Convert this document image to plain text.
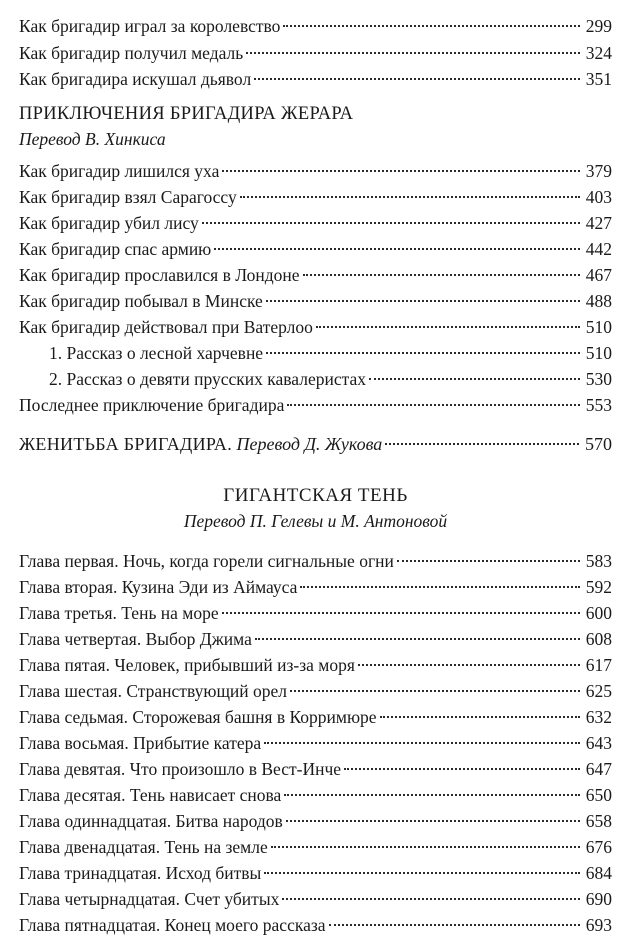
Как бригадир играл за королевство	299
Как бригадир получил медаль	324
Как бригадира искушал дьявол	351
ПРИКЛЮЧЕНИЯ БРИГАДИРА ЖЕРАРА
Перевод В. Хинкиса
Как бригадир лишился уха	379
Как бригадир взял Сарагоссу	403
Как бригадир убил лису	427
Как бригадир спас армию	442
Как бригадир прославился в Лондоне	467
Как бригадир побывал в Минске	488
Как бригадир действовал при Ватерлоо	510
1. Рассказ о лесной харчевне	510
2. Рассказ о девяти прусских кавалеристах	530
Последнее приключение бригадира	553
ЖЕНИТЬБА БРИГАДИРА. Перевод Д. Жукова	570
ГИГАНТСКАЯ ТЕНЬ
Перевод П. Гелевы и М. Антоновой
Глава первая. Ночь, когда горели сигнальные огни	583
Глава вторая. Кузина Эди из Аймауса	592
Глава третья. Тень на море	600
Глава четвертая. Выбор Джима	608
Глава пятая. Человек, прибывший из-за моря	617
Глава шестая. Странствующий орел	625
Глава седьмая. Сторожевая башня в Корримюре	632
Глава восьмая. Прибытие катера	643
Глава девятая. Что произошло в Вест-Инче	647
Глава десятая. Тень нависает снова	650
Глава одиннадцатая. Битва народов	658
Глава двенадцатая. Тень на земле	676
Глава тринадцатая. Исход битвы	684
Глава четырнадцатая. Счет убитых	690
Глава пятнадцатая. Конец моего рассказа	693
